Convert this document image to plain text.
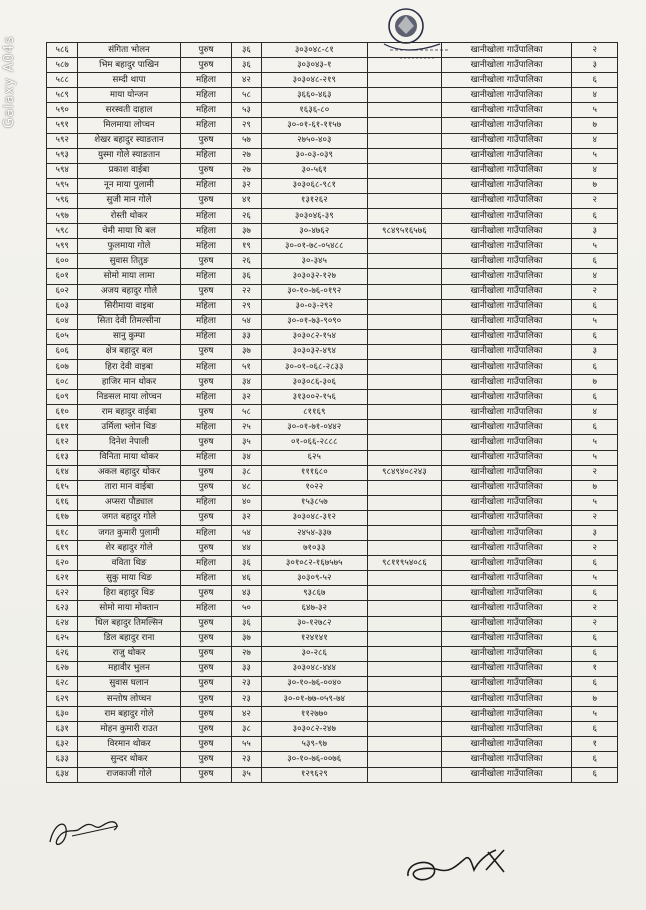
Galaxy A04s	५८६	संगिता भोलन	पुरुष	३६	३०३०४८-८१		खानीखोला गाउँपालिका	२
५८७	भिम बहादुर पाखिन	पुरुष	३६	३०३०४३-१		खानीखोला गाउँपालिका	३
५८८	सम्दी थापा	महिला	४२	३०३०४८-२१९		खानीखोला गाउँपालिका	६
५८९	माया योन्जन	महिला	५८	३६६०-४६३		खानीखोला गाउँपालिका	४
५९०	सरस्वती दाहाल	महिला	५३	१६३६-८०		खानीखोला गाउँपालिका	५
५९१	मिलमाया लोप्चन	महिला	२९	३०-०१-६१-११५७		खानीखोला गाउँपालिका	७
५९२	शेखर बहादुर स्याङतान	पुरुष	५७	२७५०-४०३		खानीखोला गाउँपालिका	४
५९३	युस्मा गोले स्याङतान	महिला	२७	३०-०३-०३९		खानीखोला गाउँपालिका	५
५९४	प्रकाश वाईबा	पुरुष	२७	३०-५६१		खानीखोला गाउँपालिका	४
५९५	नून माया पुलामी	महिला	३२	३०३०६८-९८१		खानीखोला गाउँपालिका	७
५९६	सुजी मान गोले	पुरुष	४१	१३१२६२		खानीखोला गाउँपालिका	२
५९७	रोस्ती थोकर	महिला	२६	३०३०४६-३९		खानीखोला गाउँपालिका	६
५९८	चेमी माया घि बल	महिला	३७	३०-४७६२	९८४९५१६५७६	खानीखोला गाउँपालिका	३
५९९	फुलमाया गोले	महिला	१९	३०-०१-७८-०५४८८		खानीखोला गाउँपालिका	५
६००	सुवास तितुङ	पुरुष	२६	३०-३४५		खानीखोला गाउँपालिका	६
६०१	सोमो माया लामा	महिला	३६	३०३०३२-१२७		खानीखोला गाउँपालिका	४
६०२	अजय बहादुर गोले	पुरुष	२२	३०-१०-७६-०१९२		खानीखोला गाउँपालिका	२
६०३	सिरीमाया वाइबा	महिला	२९	३०-०३-२९२		खानीखोला गाउँपालिका	६
६०४	सिता देवी तिमल्सीना	महिला	५४	३०-०१-७३-९०९०		खानीखोला गाउँपालिका	५
६०५	सानु कुम्पा	महिला	३३	३०३०८२-१५४		खानीखोला गाउँपालिका	६
६०६	क्षेत्र बहादुर बल	पुरुष	३७	३०३०३२-४९४		खानीखोला गाउँपालिका	३
६०७	हिरा देवी वाइबा	महिला	५१	३०-०१-०६८-२८३३		खानीखोला गाउँपालिका	६
६०८	हाजिर मान थोकर	पुरुष	३४	३०३०८६-३०६		खानीखोला गाउँपालिका	७
६०९	निङसल माया लोप्चन	महिला	३२	३१३००२-१५६		खानीखोला गाउँपालिका	६
६१०	राम बहादुर वाईबा	पुरुष	५८	८११६९		खानीखोला गाउँपालिका	४
६११	उर्मिला भ्लोन थिङ	महिला	२५	३०-०१-७१-०४४२		खानीखोला गाउँपालिका	६
६१२	दिनेश नेपाली	पुरुष	३५	०१-०६६-२८८८		खानीखोला गाउँपालिका	५
६१३	विनिता माया थोकर	महिला	३४	६२५		खानीखोला गाउँपालिका	५
६१४	अकल बहादुर थोकर	पुरुष	३८	१११६८०	९८४९४०८२४३	खानीखोला गाउँपालिका	२
६१५	तारा मान वाईबा	पुरुष	४८	१०२२		खानीखोला गाउँपालिका	७
६१६	अप्सरा पौड्याल	महिला	४०	१५३८५७		खानीखोला गाउँपालिका	५
६१७	जगत बहादुर गोले	पुरुष	३२	३०३०४८-३१२		खानीखोला गाउँपालिका	२
६१८	जगत कुमारी पुलामी	महिला	५४	२४५४-३३७		खानीखोला गाउँपालिका	३
६१९	शेर बहादुर गोले	पुरुष	४४	७१०३३		खानीखोला गाउँपालिका	२
६२०	वविता थिङ	महिला	३६	३०१०८२-१६७५७५	९८११९५४०८६	खानीखोला गाउँपालिका	६
६२१	सुकु माया थिङ	महिला	४६	३०३०९-५२		खानीखोला गाउँपालिका	५
६२२	हिरा बहादुर थिङ	पुरुष	४३	९३८६७		खानीखोला गाउँपालिका	६
६२३	सोमो माया मोक्तान	महिला	५०	६४७-३२		खानीखोला गाउँपालिका	२
६२४	धिल बहादुर तिमल्सिन	पुरुष	३६	३०-१२७८२		खानीखोला गाउँपालिका	२
६२५	डिल बहादुर राना	पुरुष	३७	१२४१४१		खानीखोला गाउँपालिका	६
६२६	राजु थोकर	पुरुष	२७	३०-२८६		खानीखोला गाउँपालिका	६
६२७	महावीर भुलन	पुरुष	३३	३०३०४८-४४४		खानीखोला गाउँपालिका	१
६२८	सुवास घलान	पुरुष	२३	३०-१०-७६-००४०		खानीखोला गाउँपालिका	६
६२९	सन्तोष लोप्चन	पुरुष	२३	३०-०१-७७-०५९-७४		खानीखोला गाउँपालिका	७
६३०	राम बहादुर गोले	पुरुष	४२	११२७७०		खानीखोला गाउँपालिका	५
६३१	मोहन कुमारी राउत	पुरुष	३८	३०३०८२-२४७		खानीखोला गाउँपालिका	६
६३२	विरमान थोकर	पुरुष	५५	५३९-९७		खानीखोला गाउँपालिका	१
६३३	सुन्दर थोकर	पुरुष	२३	३०-१०-७६-००७६		खानीखोला गाउँपालिका	६
६३४	राजकाजी गोले	पुरुष	३५	१२९६२९		खानीखोला गाउँपालिका	६
